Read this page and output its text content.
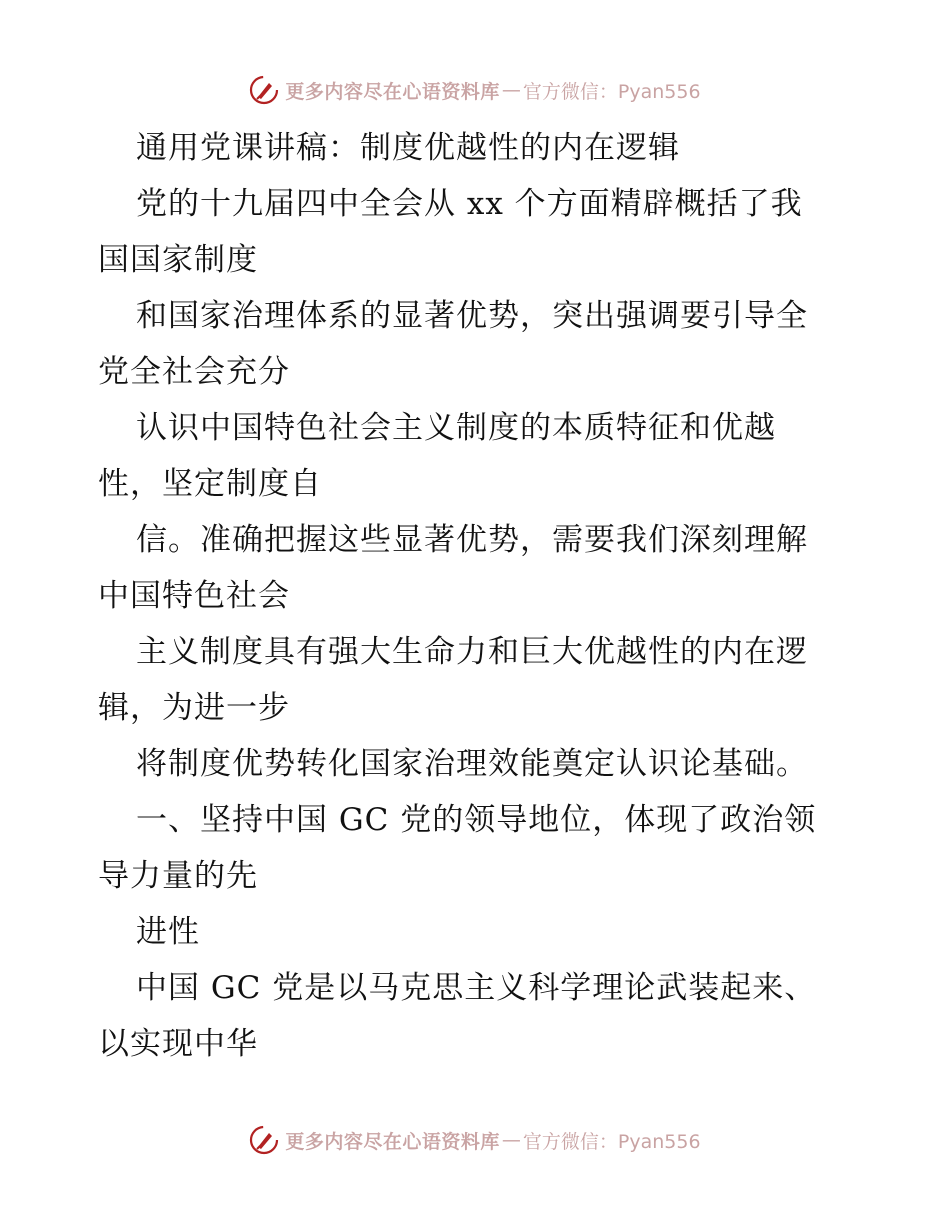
更多内容尽在心语资料库 — 官方微信：Pyan556
通用党课讲稿：制度优越性的内在逻辑
党的十九届四中全会从 xx 个方面精辟概括了我
国国家制度
和国家治理体系的显著优势，突出强调要引导全
党全社会充分
认识中国特色社会主义制度的本质特征和优越
性，坚定制度自
信。准确把握这些显著优势，需要我们深刻理解
中国特色社会
主义制度具有强大生命力和巨大优越性的内在逻
辑，为进一步
将制度优势转化国家治理效能奠定认识论基础。
一、坚持中国 GC 党的领导地位，体现了政治领
导力量的先
进性
中国 GC 党是以马克思主义科学理论武装起来、
以实现中华
更多内容尽在心语资料库 — 官方微信：Pyan556
